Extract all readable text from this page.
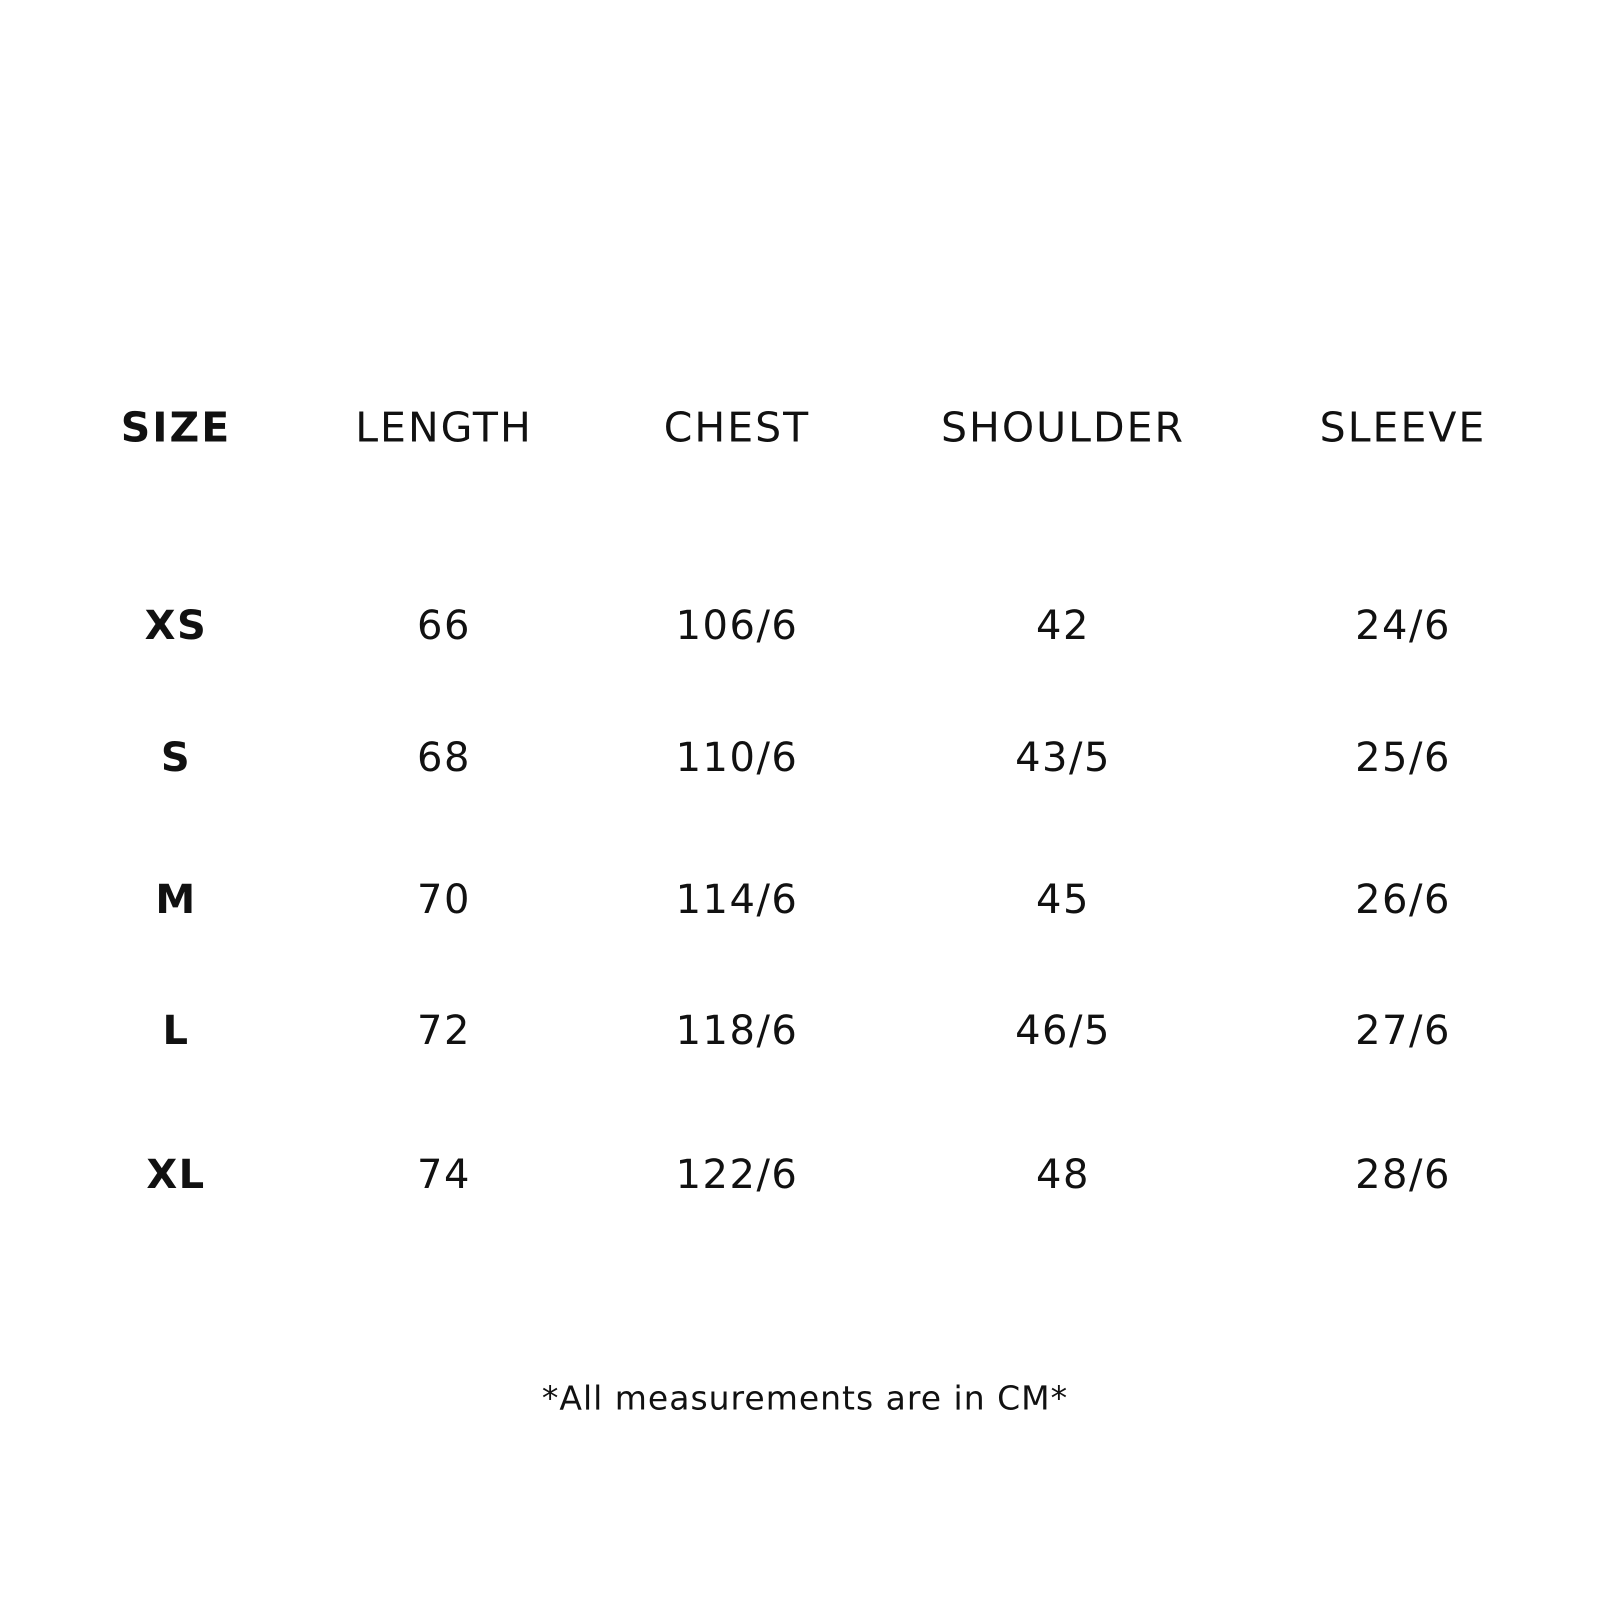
SIZE	LENGTH	CHEST	SHOULDER	SLEEVE
XS	66	106/6	42	24/6
S	68	110/6	43/5	25/6
M	70	114/6	45	26/6
L	72	118/6	46/5	27/6
XL	74	122/6	48	28/6
*All measurements are in CM*
